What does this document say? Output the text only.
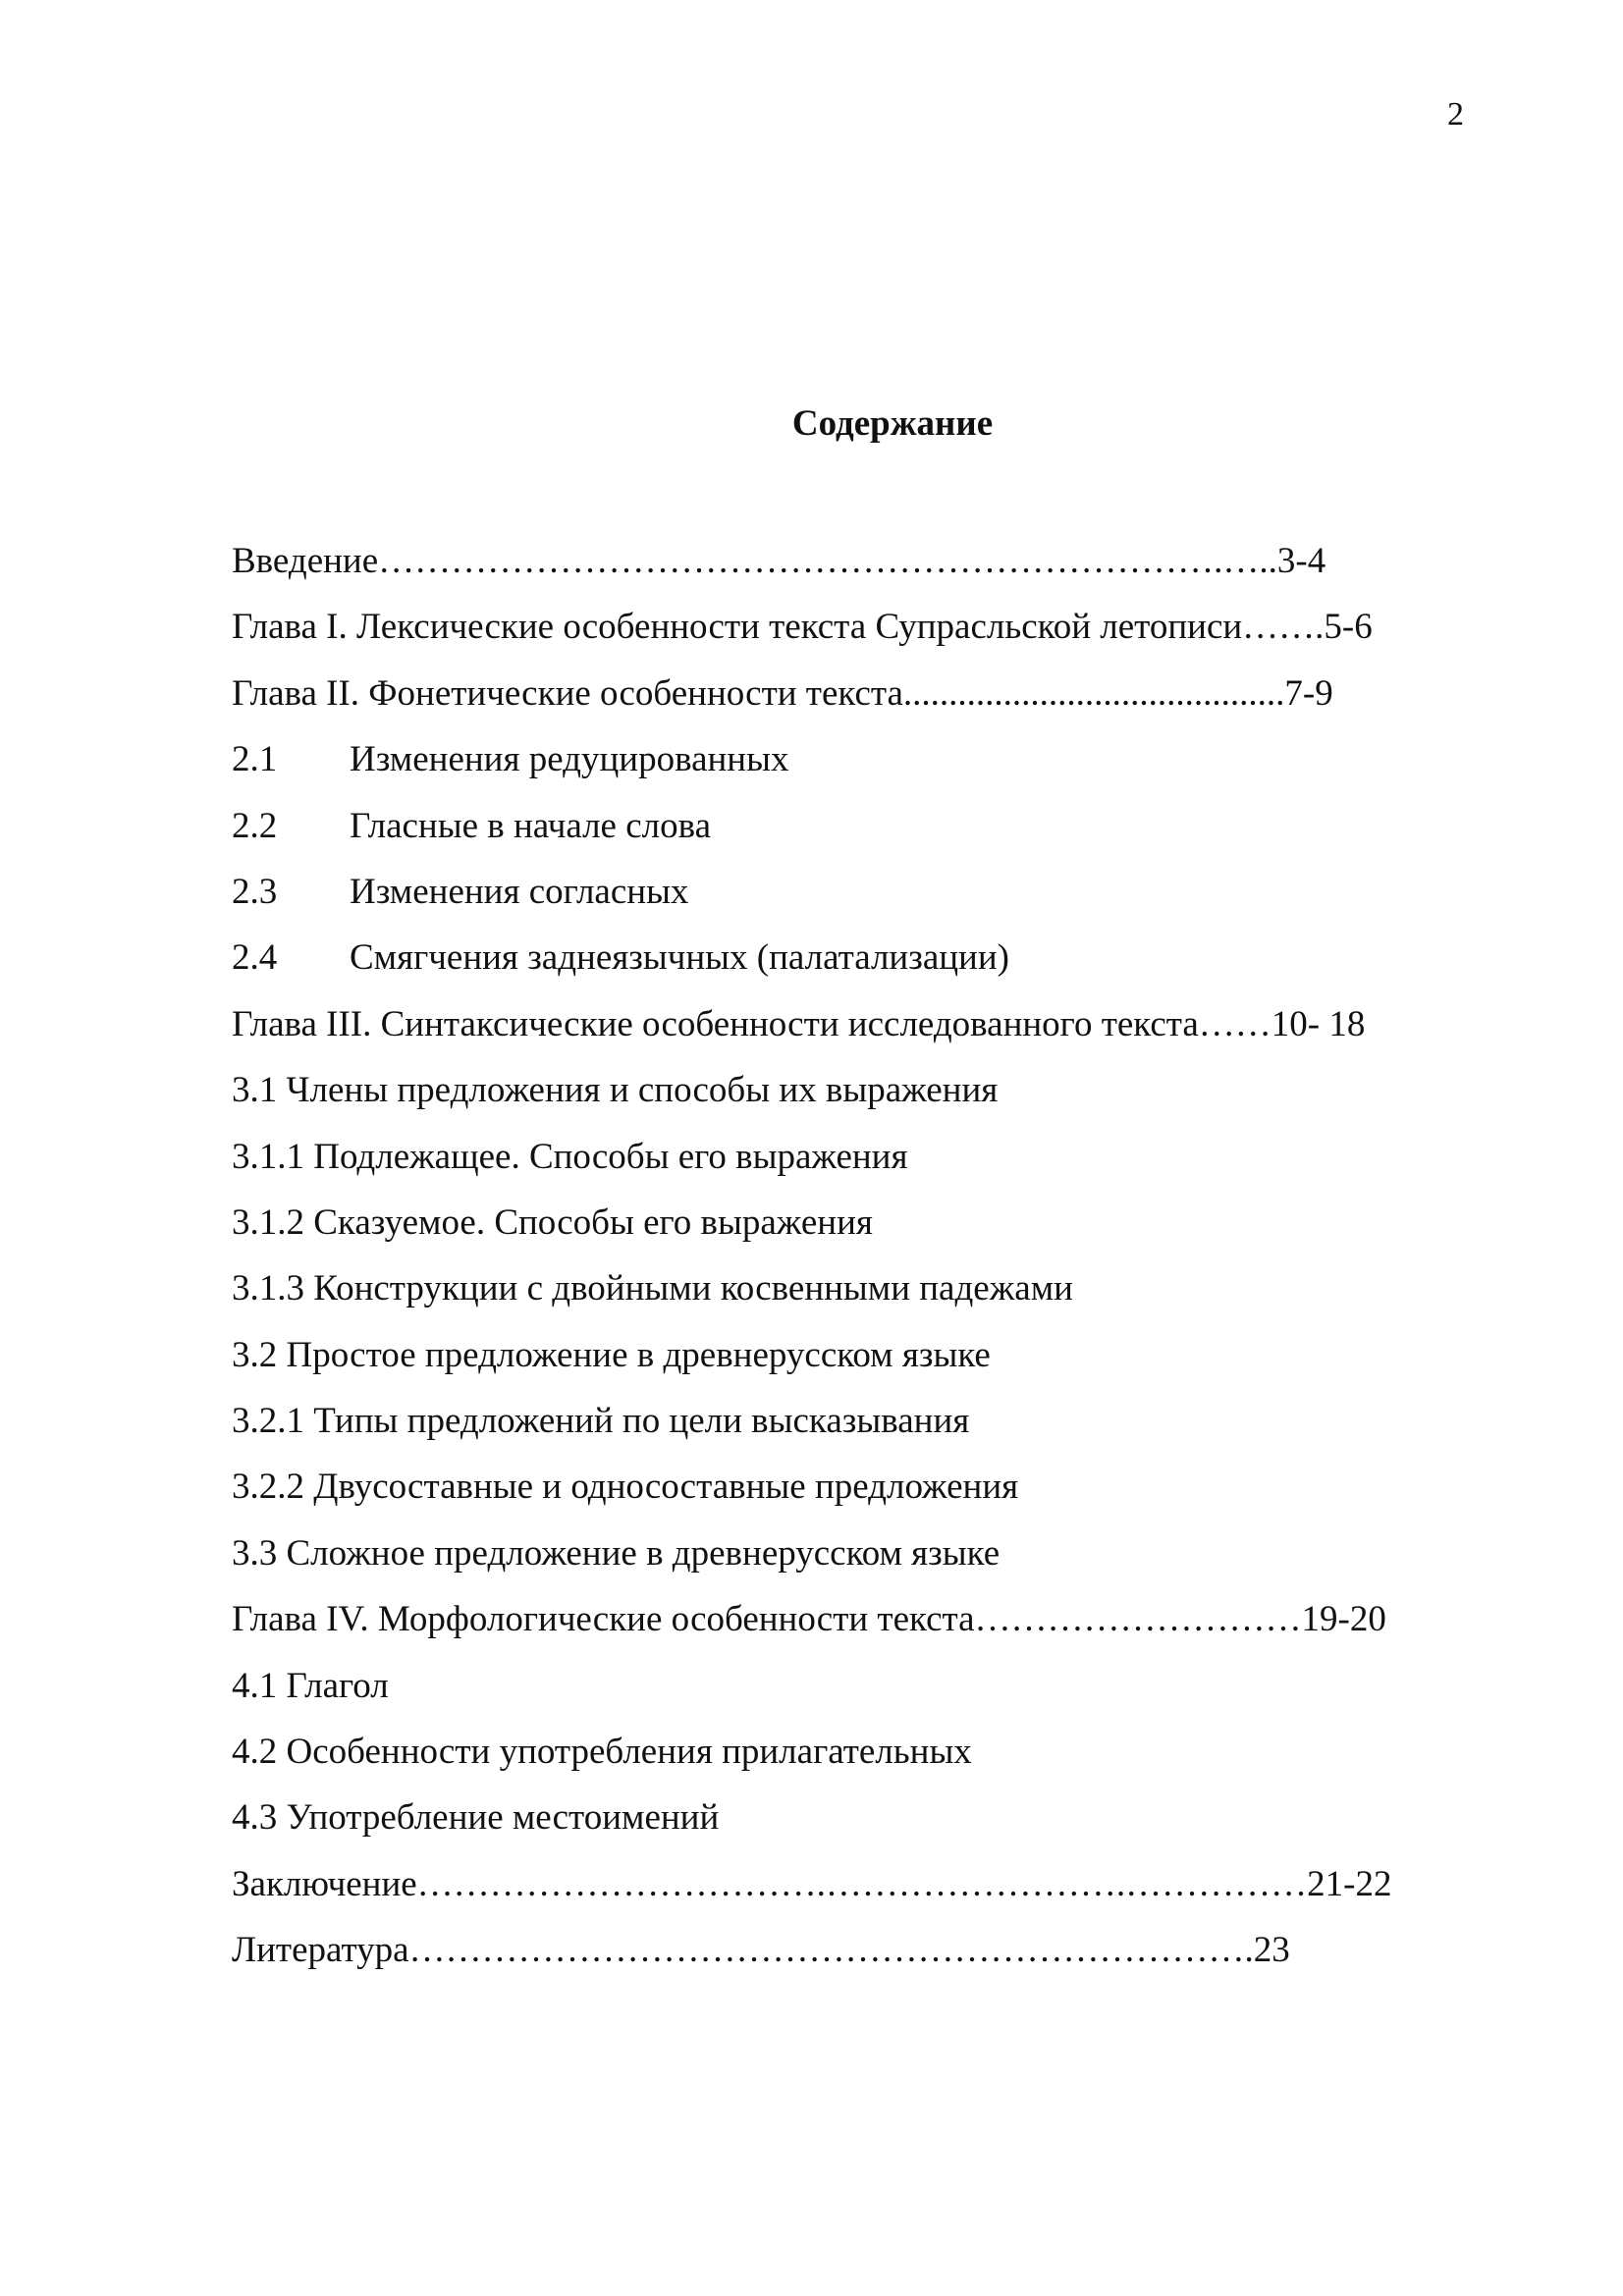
2
Содержание
Введение…………………………………………………………….…..3-4
Глава I. Лексические особенности текста Супрасльской летописи…….5-6
Глава II. Фонетические особенности текста..........................................7-9
2.1 Изменения редуцированных
2.2 Гласные в начале слова
2.3 Изменения согласных
2.4 Смягчения заднеязычных (палатализации)
Глава III. Синтаксические особенности исследованного текста……10- 18
3.1 Члены предложения и способы их выражения
3.1.1 Подлежащее. Способы его выражения
3.1.2 Сказуемое. Способы его выражения
3.1.3 Конструкции с двойными косвенными падежами
3.2 Простое предложение в древнерусском языке
3.2.1 Типы предложений по цели высказывания
3.2.2 Двусоставные и односоставные предложения
3.3 Сложное предложение в древнерусском языке
Глава IV. Морфологические особенности текста………………………19-20
4.1 Глагол
4.2 Особенности употребления прилагательных
4.3 Употребление местоимений
Заключение…………………………….…………………….……………21-22
Литература…………………………………………………………….23
